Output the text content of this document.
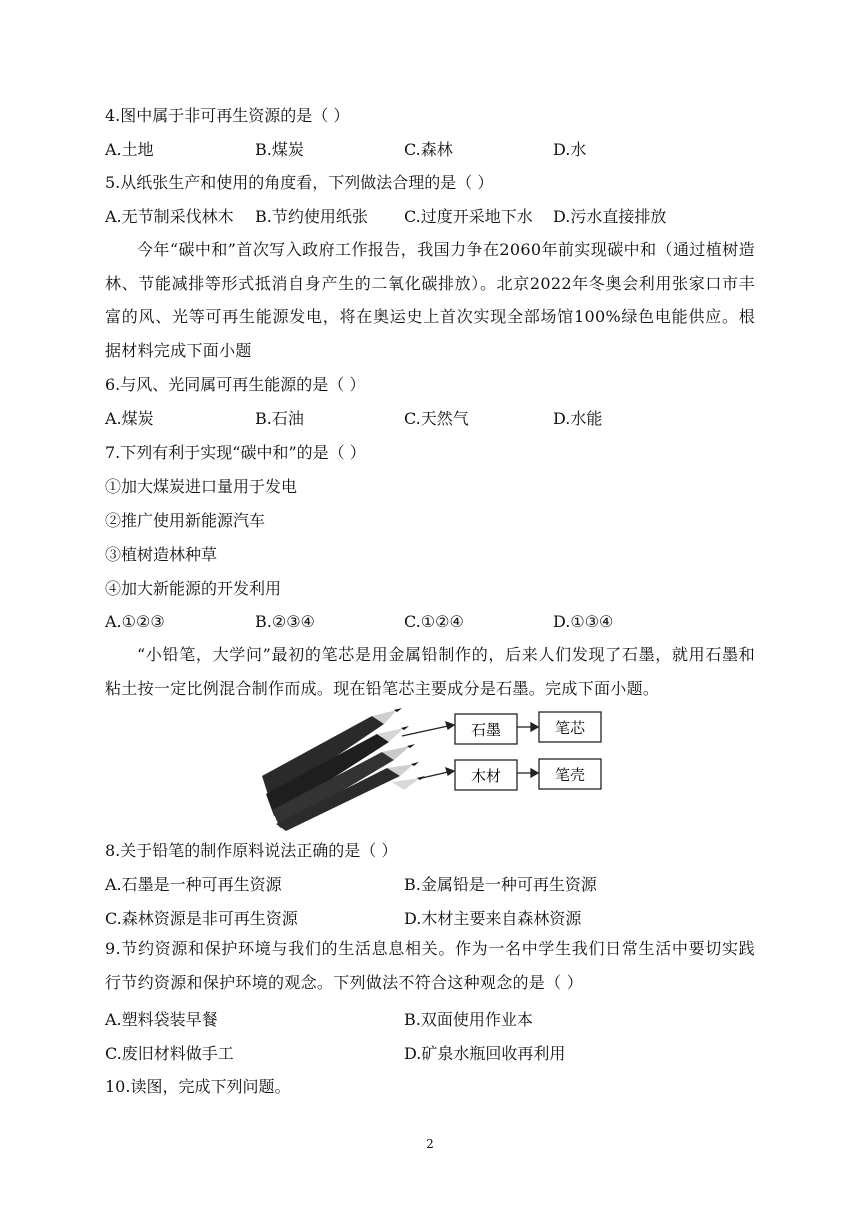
4.图中属于非可再生资源的是（ ）
A.土地	B.煤炭	C.森林	D.水
5.从纸张生产和使用的角度看，下列做法合理的是（ ）
A.无节制采伐林木 B.节约使用纸张 C.过度开采地下水 D.污水直接排放
今年“碳中和”首次写入政府工作报告，我国力争在2060年前实现碳中和（通过植树造林、节能减排等形式抵消自身产生的二氧化碳排放）。北京2022年冬奥会利用张家口市丰富的风、光等可再生能源发电，将在奥运史上首次实现全部场馆100%绿色电能供应。根据材料完成下面小题
6.与风、光同属可再生能源的是（ ）
A.煤炭	B.石油	C.天然气	D.水能
7.下列有利于实现“碳中和”的是（ ）
①加大煤炭进口量用于发电
②推广使用新能源汽车
③植树造林种草
④加大新能源的开发利用
A.①②③	B.②③④	C.①②④	D.①③④
“小铅笔，大学问”最初的笔芯是用金属铅制作的，后来人们发现了石墨，就用石墨和粘土按一定比例混合制作而成。现在铅笔芯主要成分是石墨。完成下面小题。
石墨	笔芯
木材	笔壳
8.关于铅笔的制作原料说法正确的是（ ）
A.石墨是一种可再生资源	B.金属铅是一种可再生资源
C.森林资源是非可再生资源	D.木材主要来自森林资源
9.节约资源和保护环境与我们的生活息息相关。作为一名中学生我们日常生活中要切实践行节约资源和保护环境的观念。下列做法不符合这种观念的是（ ）
A.塑料袋装早餐	B.双面使用作业本
C.废旧材料做手工	D.矿泉水瓶回收再利用
10.读图，完成下列问题。
2
